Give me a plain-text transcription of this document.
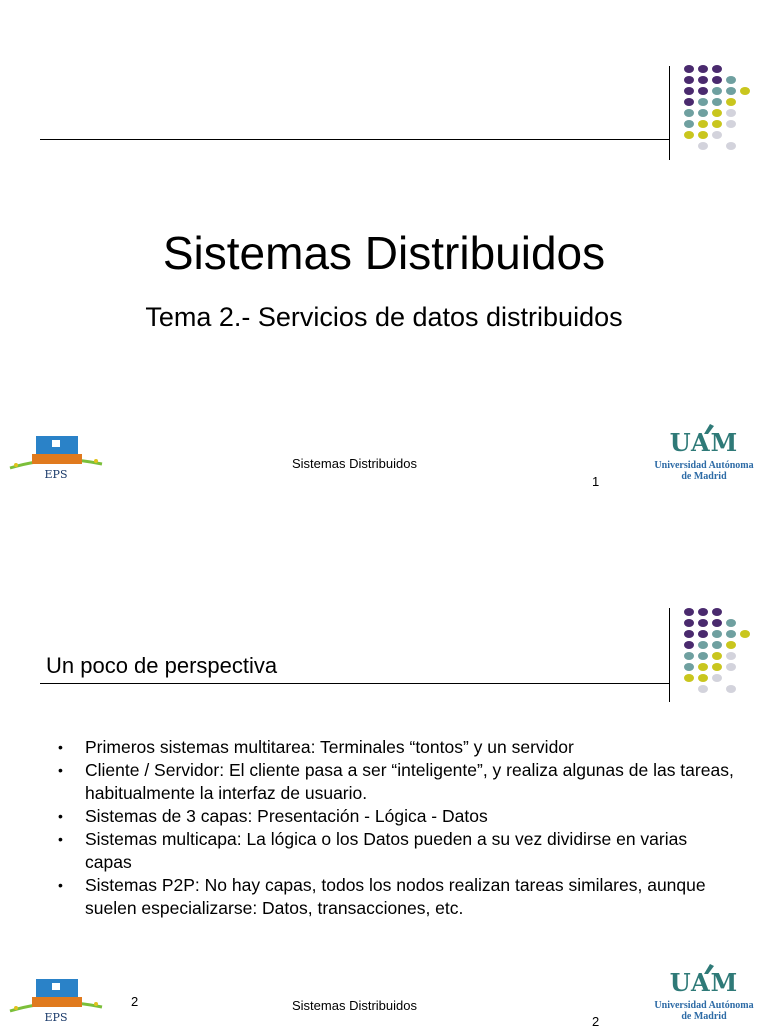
Sistemas Distribuidos
Tema 2.- Servicios de datos distribuidos
EPS
Sistemas Distribuidos
1
UAM
Universidad Autónoma
de Madrid
EPS
UAM
Universidad Autónoma
de Madrid
Un poco de perspectiva
• Primeros sistemas multitarea: Terminales “tontos” y un servidor
• Cliente / Servidor: El cliente pasa a ser “inteligente”, y realiza algunas de las tareas, habitualmente la interfaz de usuario.
• Sistemas de 3 capas: Presentación - Lógica - Datos
• Sistemas multicapa: La lógica o los Datos pueden a su vez dividirse en varias capas
• Sistemas P2P: No hay capas, todos los nodos realizan tareas similares, aunque suelen especializarse: Datos, transacciones, etc.
2	Sistemas Distribuidos
2
